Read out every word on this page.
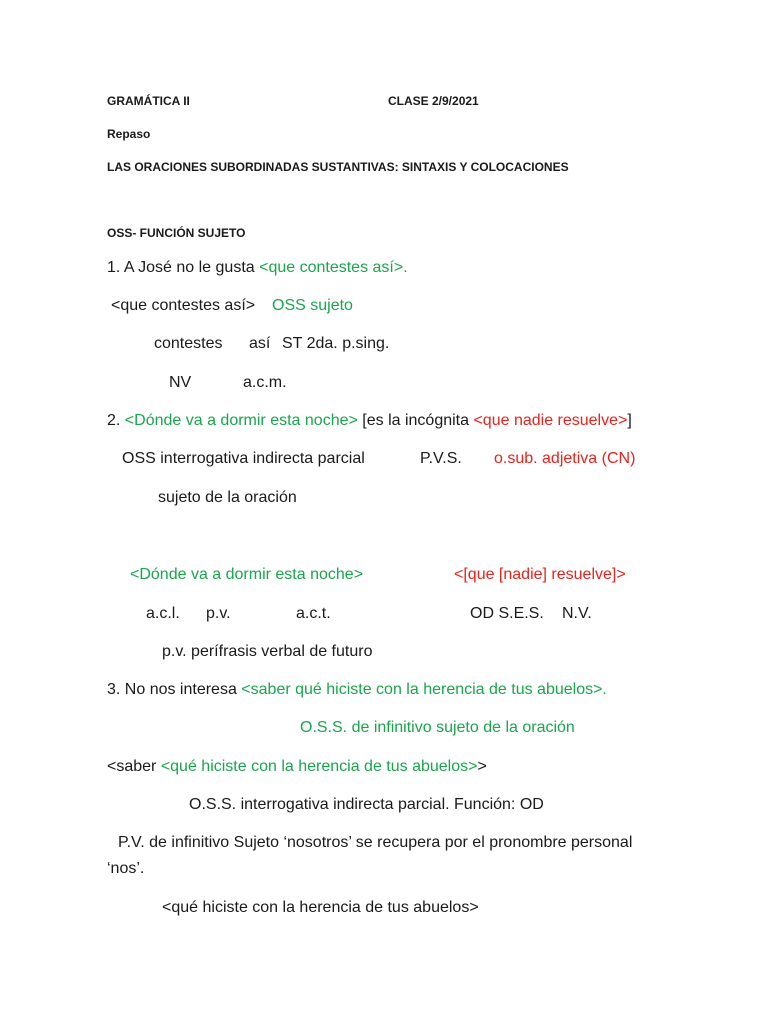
GRAMÁTICA II	CLASE 2/9/2021
Repaso
LAS ORACIONES SUBORDINADAS SUSTANTIVAS: SINTAXIS Y COLOCACIONES
OSS- FUNCIÓN SUJETO
1. A José no le gusta <que contestes así>.
<que contestes así> OSS sujeto
contestes así ST 2da. p.sing.
NV	a.c.m.
2. <Dónde va a dormir esta noche> [es la incógnita <que nadie resuelve>]
OSS interrogativa indirecta parcial	P.V.S. o.sub. adjetiva (CN)
sujeto de la oración
<Dónde va a dormir esta noche>	<[que [nadie] resuelve]>
a.c.l. p.v.	a.c.t.	OD S.E.S. N.V.
p.v. perífrasis verbal de futuro
3. No nos interesa <saber qué hiciste con la herencia de tus abuelos>.
O.S.S. de infinitivo sujeto de la oración
<saber <qué hiciste con la herencia de tus abuelos>>
O.S.S. interrogativa indirecta parcial. Función: OD
P.V. de infinitivo Sujeto ‘nosotros’ se recupera por el pronombre personal
‘nos’.
<qué hiciste con la herencia de tus abuelos>
